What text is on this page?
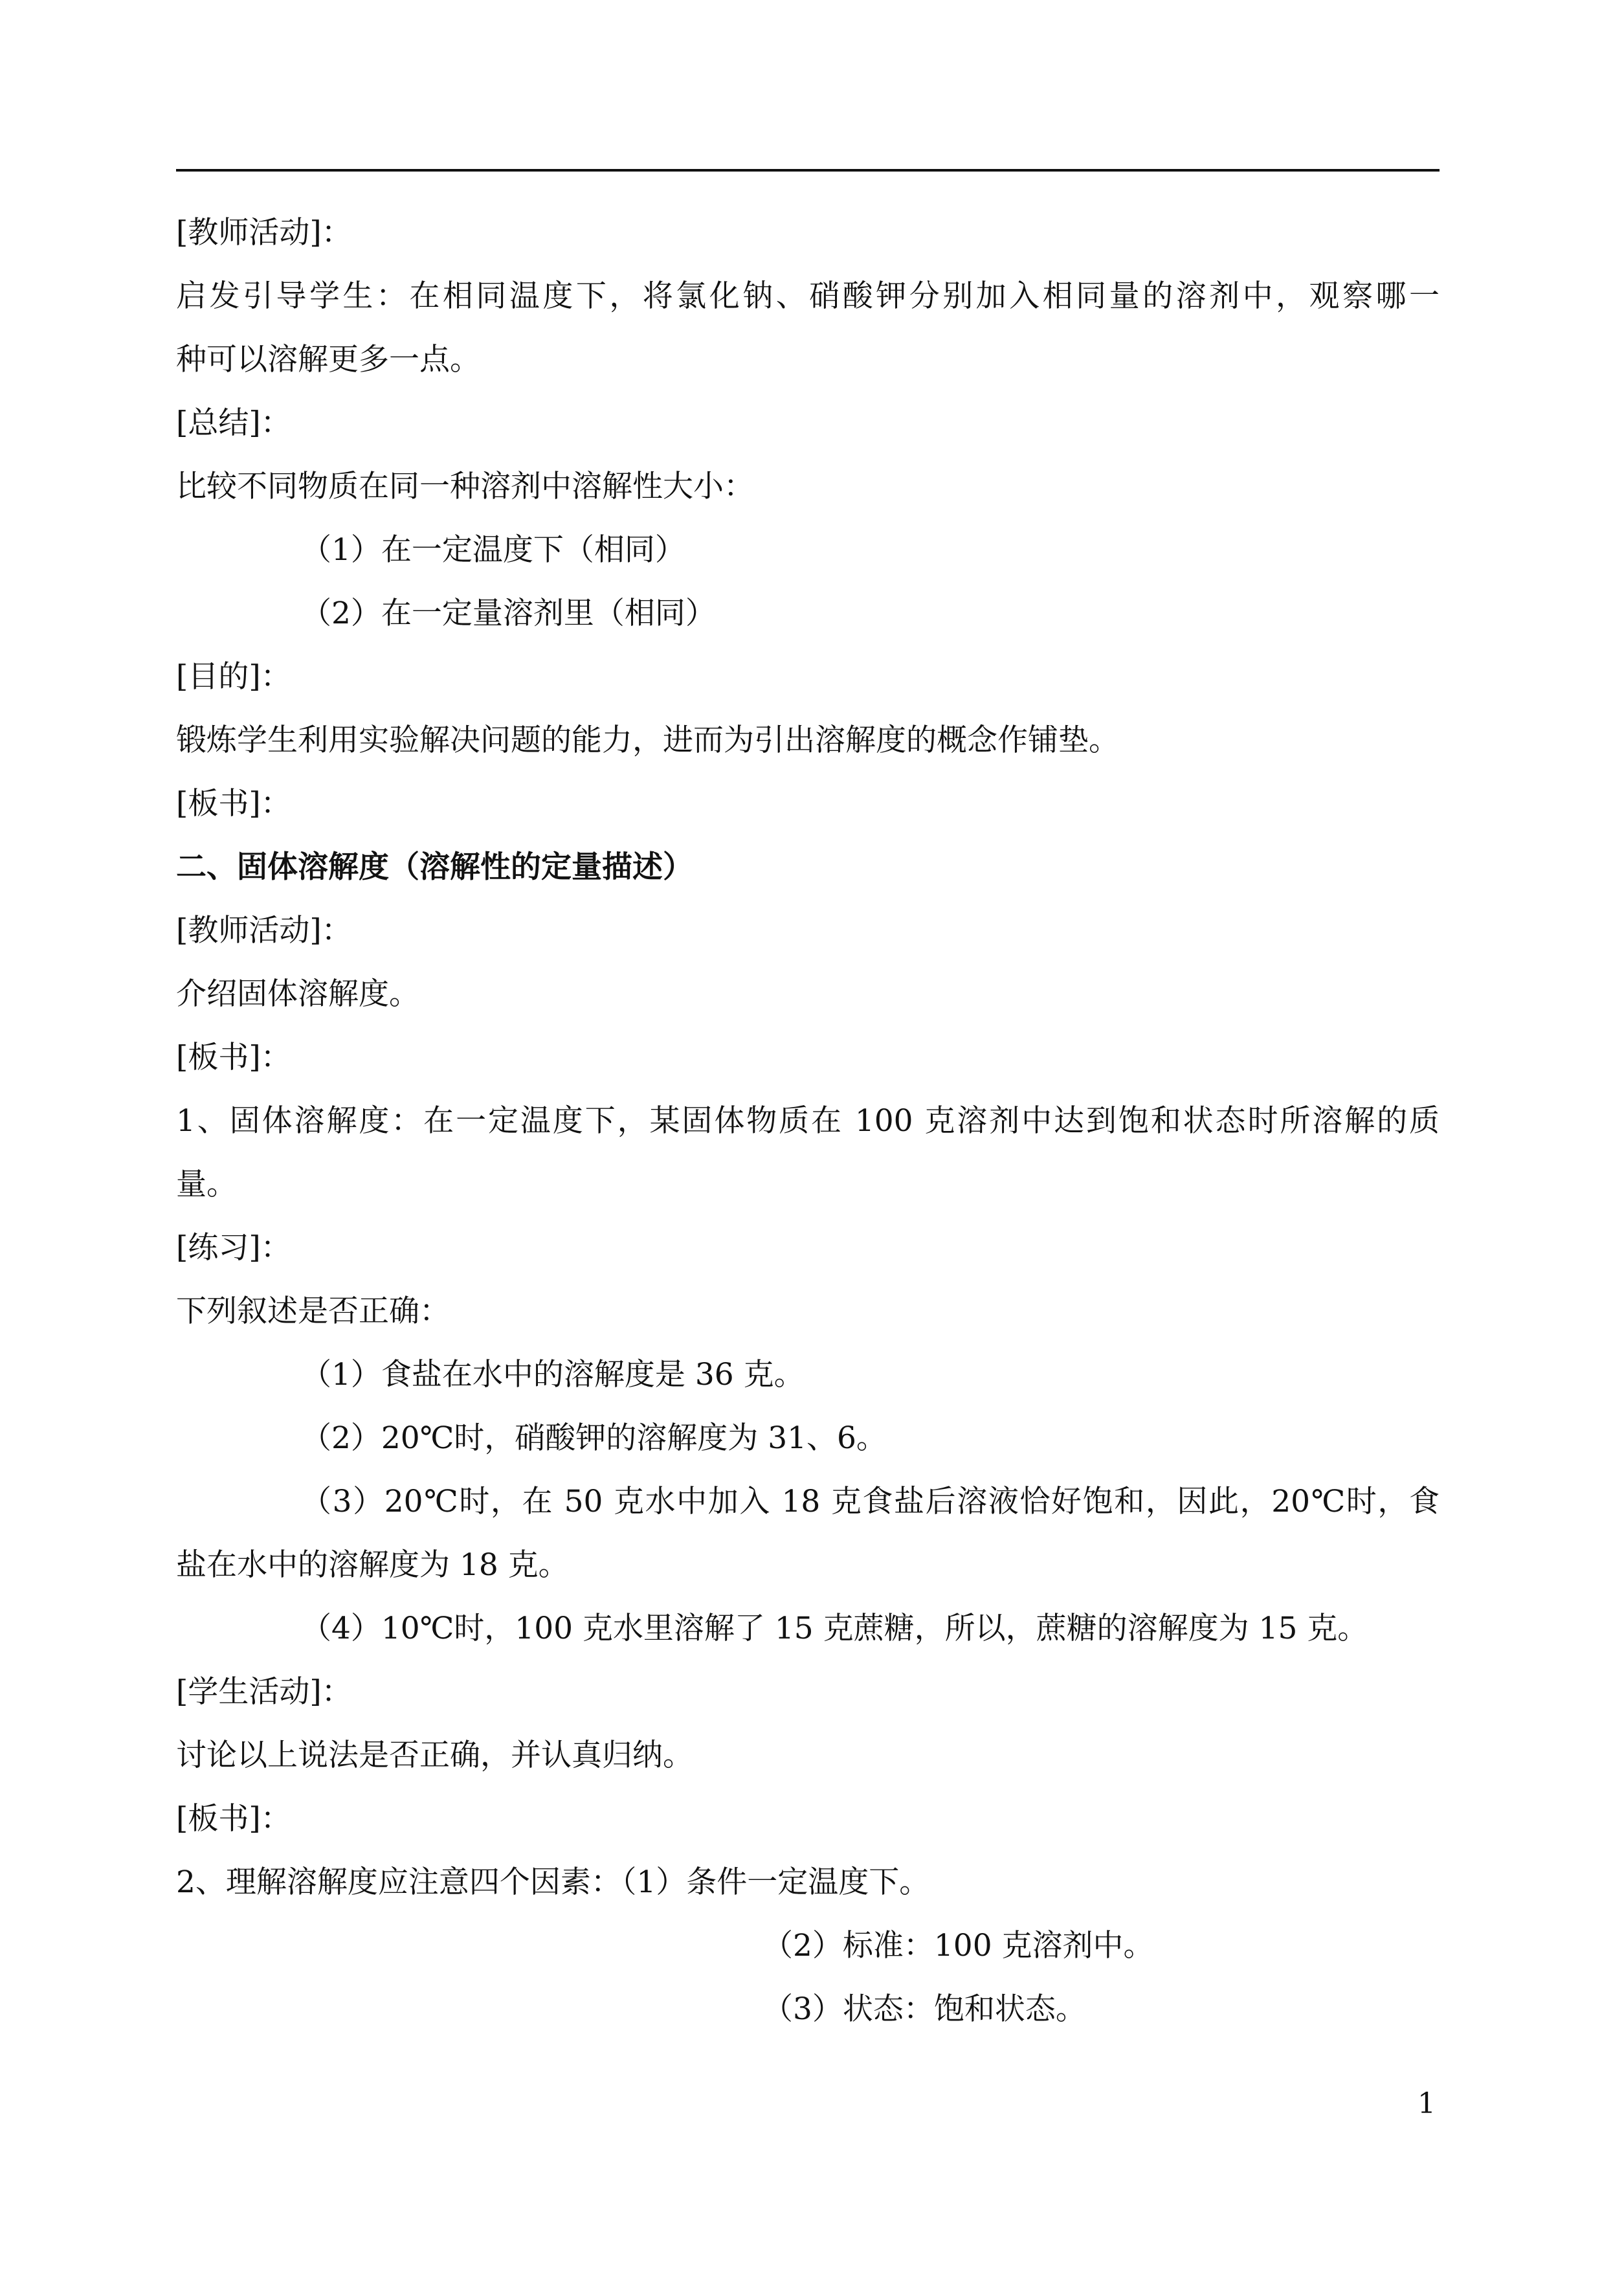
[教师活动]：
启发引导学生：在相同温度下，将氯化钠、硝酸钾分别加入相同量的溶剂中，观察哪一
种可以溶解更多一点。
[总结]：
比较不同物质在同一种溶剂中溶解性大小：
（1）在一定温度下（相同）
（2）在一定量溶剂里（相同）
[目的]：
锻炼学生利用实验解决问题的能力，进而为引出溶解度的概念作铺垫。
[板书]：
二、固体溶解度（溶解性的定量描述）
[教师活动]：
介绍固体溶解度。
[板书]：
1、固体溶解度：在一定温度下，某固体物质在 100 克溶剂中达到饱和状态时所溶解的质
量。
[练习]：
下列叙述是否正确：
（1）食盐在水中的溶解度是 36 克。
（2）20℃时，硝酸钾的溶解度为 31、6。
（3）20℃时，在 50 克水中加入 18 克食盐后溶液恰好饱和，因此，20℃时，食
盐在水中的溶解度为 18 克。
（4）10℃时，100 克水里溶解了 15 克蔗糖，所以，蔗糖的溶解度为 15 克。
[学生活动]：
讨论以上说法是否正确，并认真归纳。
[板书]：
2、理解溶解度应注意四个因素：（1）条件一定温度下。
（2）标准：100 克溶剂中。
（3）状态：饱和状态。
1
